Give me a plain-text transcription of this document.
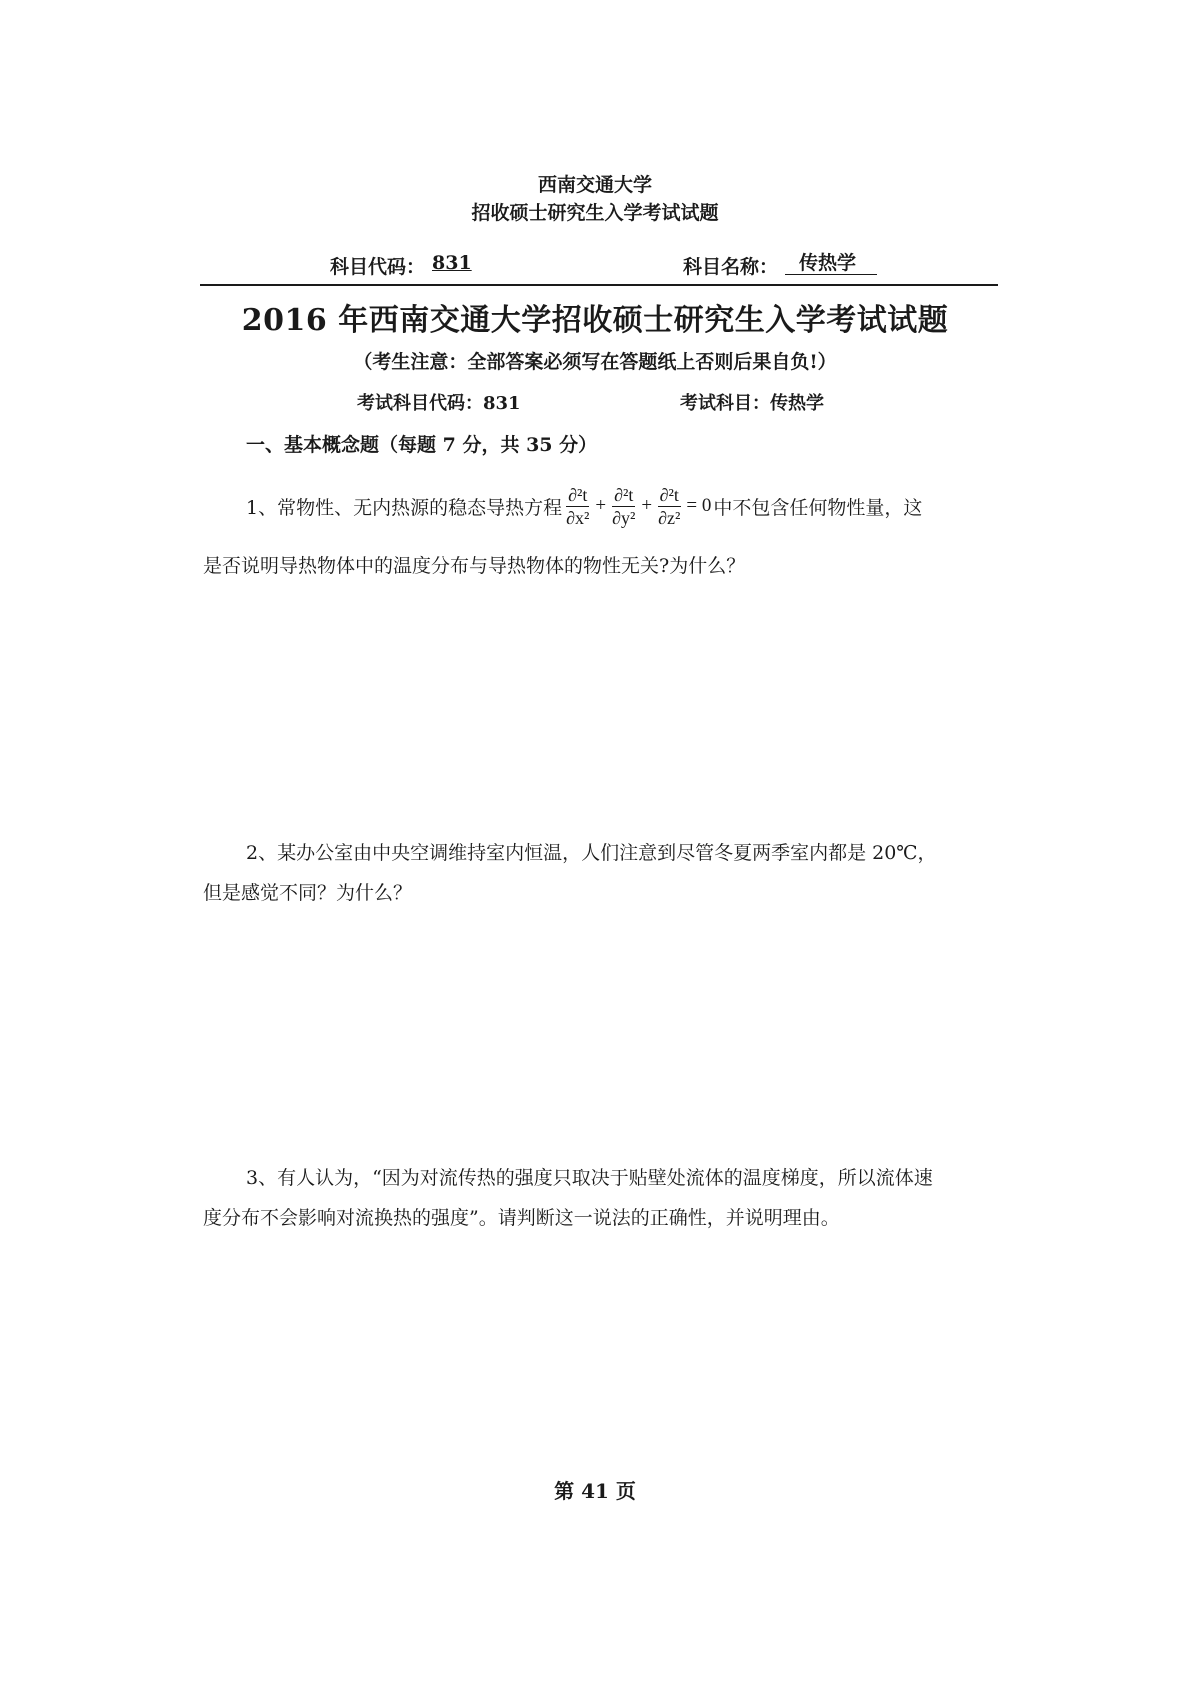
西南交通大学
招收硕士研究生入学考试试题
科目代码： 831	科目名称：	传热学
2016 年西南交通大学招收硕士研究生入学考试试题
（考生注意：全部答案必须写在答题纸上否则后果自负!）
考试科目代码：831	考试科目：传热学
一、基本概念题（每题 7 分，共 35 分）
1、常物性、无内热源的稳态导热方程 $\frac{\text{∂²t}}{\text{∂x²}} + \frac{\text{∂²t}}{\text{∂y²}} + \frac{\text{∂²t}}{\text{∂z²}} = 0$ 中不包含任何物性量，这
是否说明导热物体中的温度分布与导热物体的物性无关?为什么？
2、某办公室由中央空调维持室内恒温，人们注意到尽管冬夏两季室内都是 20℃，
但是感觉不同？为什么？
3、有人认为，“因为对流传热的强度只取决于贴壁处流体的温度梯度，所以流体速
度分布不会影响对流换热的强度”。请判断这一说法的正确性，并说明理由。
第 41 页
